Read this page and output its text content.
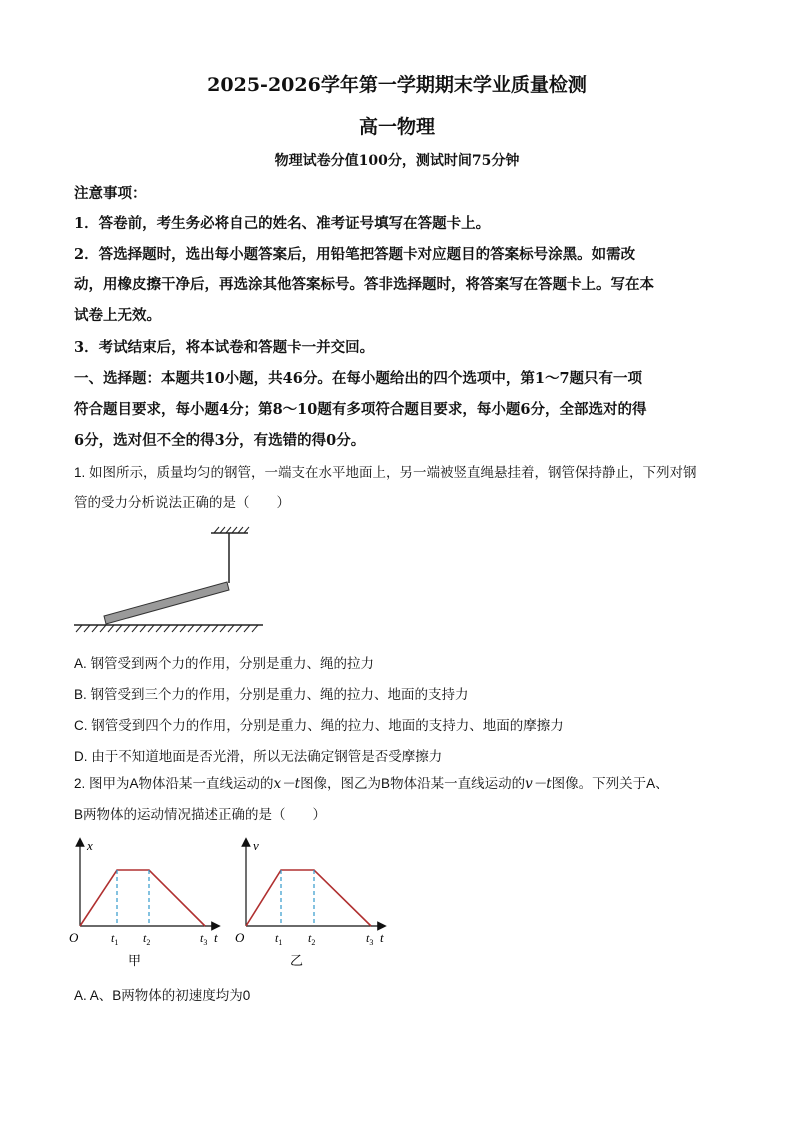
2025-2026学年第一学期期末学业质量检测
高一物理
物理试卷分值100分，测试时间75分钟
注意事项：
1．答卷前，考生务必将自己的姓名、准考证号填写在答题卡上。
2．答选择题时，选出每小题答案后，用铅笔把答题卡对应题目的答案标号涂黑。如需改
动，用橡皮擦干净后，再选涂其他答案标号。答非选择题时，将答案写在答题卡上。写在本
试卷上无效。
3．考试结束后，将本试卷和答题卡一并交回。
一、选择题：本题共10小题，共46分。在每小题给出的四个选项中，第1～7题只有一项
符合题目要求，每小题4分；第8～10题有多项符合题目要求，每小题6分，全部选对的得
6分，选对但不全的得3分，有选错的得0分。
1. 如图所示，质量均匀的钢管，一端支在水平地面上，另一端被竖直绳悬挂着，钢管保持静止，下列对钢
管的受力分析说法正确的是（　　）
A. 钢管受到两个力的作用，分别是重力、绳的拉力
B. 钢管受到三个力的作用，分别是重力、绳的拉力、地面的支持力
C. 钢管受到四个力的作用，分别是重力、绳的拉力、地面的支持力、地面的摩擦力
D. 由于不知道地面是否光滑，所以无法确定钢管是否受摩擦力
2. 图甲为A物体沿某一直线运动的x－t图像，图乙为B物体沿某一直线运动的v－t图像。下列关于A、
B两物体的运动情况描述正确的是（　　）
x
O	$t_1$ $t_2$	$t_3$ t
甲
v
O	$t_1$ $t_2$	$t_3$ t
乙
A. A、B两物体的初速度均为0
